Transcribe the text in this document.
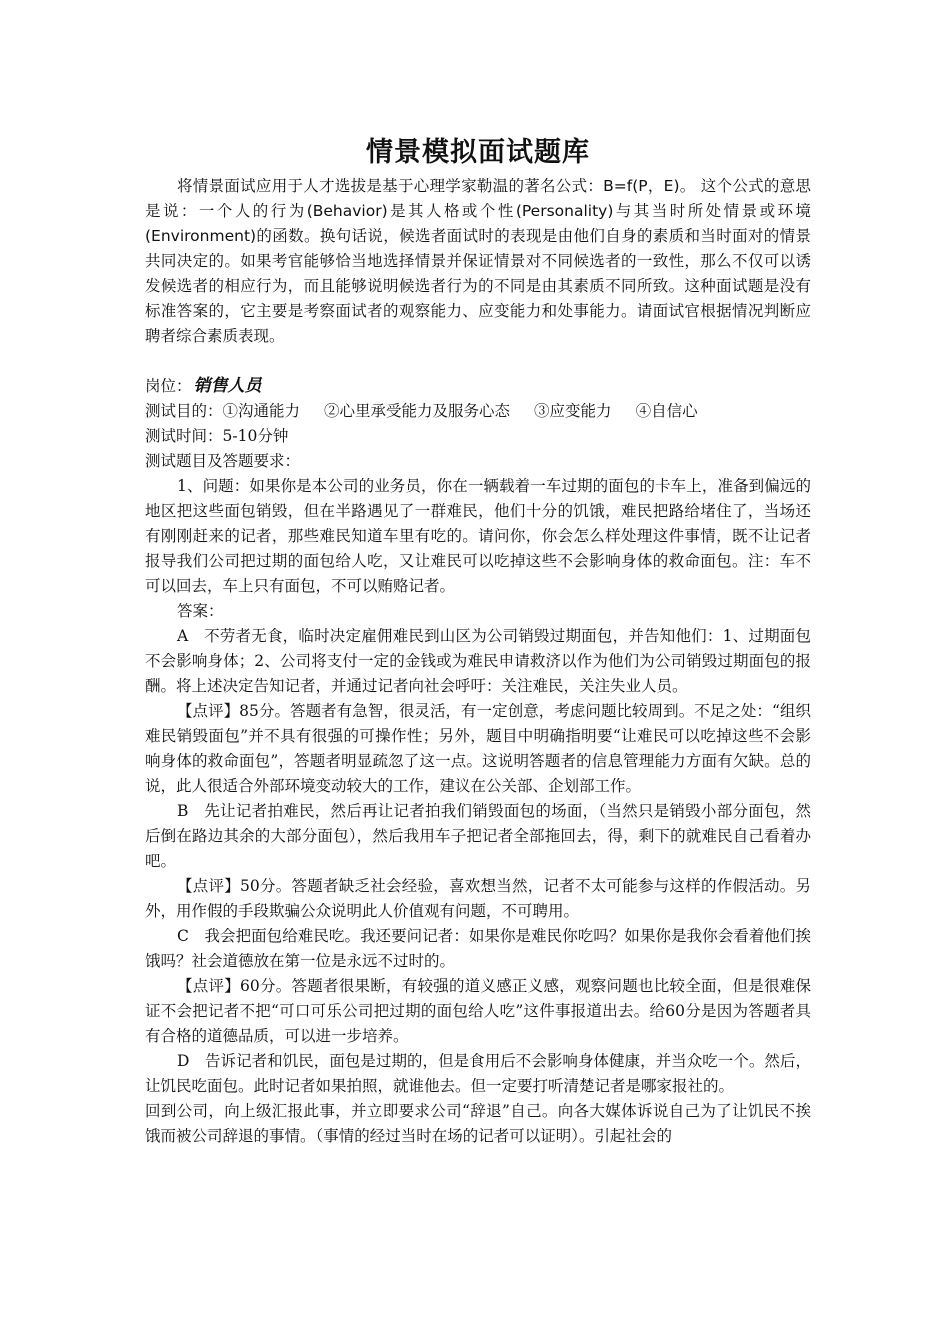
情景模拟面试题库

将情景面试应用于人才选拔是基于心理学家勒温的著名公式：B=f(P，E)。 这个公式的意思是说：一个人的行为(Behavior)是其人格或个性(Personality)与其当时所处情景或环境(Environment)的函数。换句话说，候选者面试时的表现是由他们自身的素质和当时面对的情景共同决定的。如果考官能够恰当地选择情景并保证情景对不同候选者的一致性，那么不仅可以诱发候选者的相应行为，而且能够说明候选者行为的不同是由其素质不同所致。这种面试题是没有标准答案的，它主要是考察面试者的观察能力、应变能力和处事能力。请面试官根据情况判断应聘者综合素质表现。

岗位： 销售人员

测试目的：①沟通能力 ②心里承受能力及服务心态 ③应变能力 ④自信心

测试时间：5-10分钟

测试题目及答题要求：

1、问题：如果你是本公司的业务员，你在一辆载着一车过期的面包的卡车上，准备到偏远的地区把这些面包销毁，但在半路遇见了一群难民，他们十分的饥饿，难民把路给堵住了，当场还有刚刚赶来的记者，那些难民知道车里有吃的。请问你，你会怎么样处理这件事情，既不让记者报导我们公司把过期的面包给人吃，又让难民可以吃掉这些不会影响身体的救命面包。注：车不可以回去，车上只有面包，不可以贿赂记者。

答案：

A　不劳者无食，临时决定雇佣难民到山区为公司销毁过期面包，并告知他们：1、过期面包不会影响身体；2、公司将支付一定的金钱或为难民申请救济以作为他们为公司销毁过期面包的报酬。将上述决定告知记者，并通过记者向社会呼吁：关注难民，关注失业人员。

【点评】85分。答题者有急智，很灵活，有一定创意，考虑问题比较周到。不足之处：“组织难民销毁面包”并不具有很强的可操作性；另外，题目中明确指明要“让难民可以吃掉这些不会影响身体的救命面包”，答题者明显疏忽了这一点。这说明答题者的信息管理能力方面有欠缺。总的说，此人很适合外部环境变动较大的工作，建议在公关部、企划部工作。

B　先让记者拍难民，然后再让记者拍我们销毁面包的场面，（当然只是销毁小部分面包，然后倒在路边其余的大部分面包），然后我用车子把记者全部拖回去，得，剩下的就难民自己看着办吧。

【点评】50分。答题者缺乏社会经验，喜欢想当然，记者不太可能参与这样的作假活动。另外，用作假的手段欺骗公众说明此人价值观有问题，不可聘用。

C　我会把面包给难民吃。我还要问记者：如果你是难民你吃吗？如果你是我你会看着他们挨饿吗？社会道德放在第一位是永远不过时的。

【点评】60分。答题者很果断，有较强的道义感正义感，观察问题也比较全面，但是很难保证不会把记者不把“可口可乐公司把过期的面包给人吃”这件事报道出去。给60分是因为答题者具有合格的道德品质，可以进一步培养。

D　告诉记者和饥民，面包是过期的，但是食用后不会影响身体健康，并当众吃一个。然后，让饥民吃面包。此时记者如果拍照，就谁他去。但一定要打听清楚记者是哪家报社的。

回到公司，向上级汇报此事，并立即要求公司“辞退”自己。向各大媒体诉说自己为了让饥民不挨饿而被公司辞退的事情。（事情的经过当时在场的记者可以证明）。引起社会的
